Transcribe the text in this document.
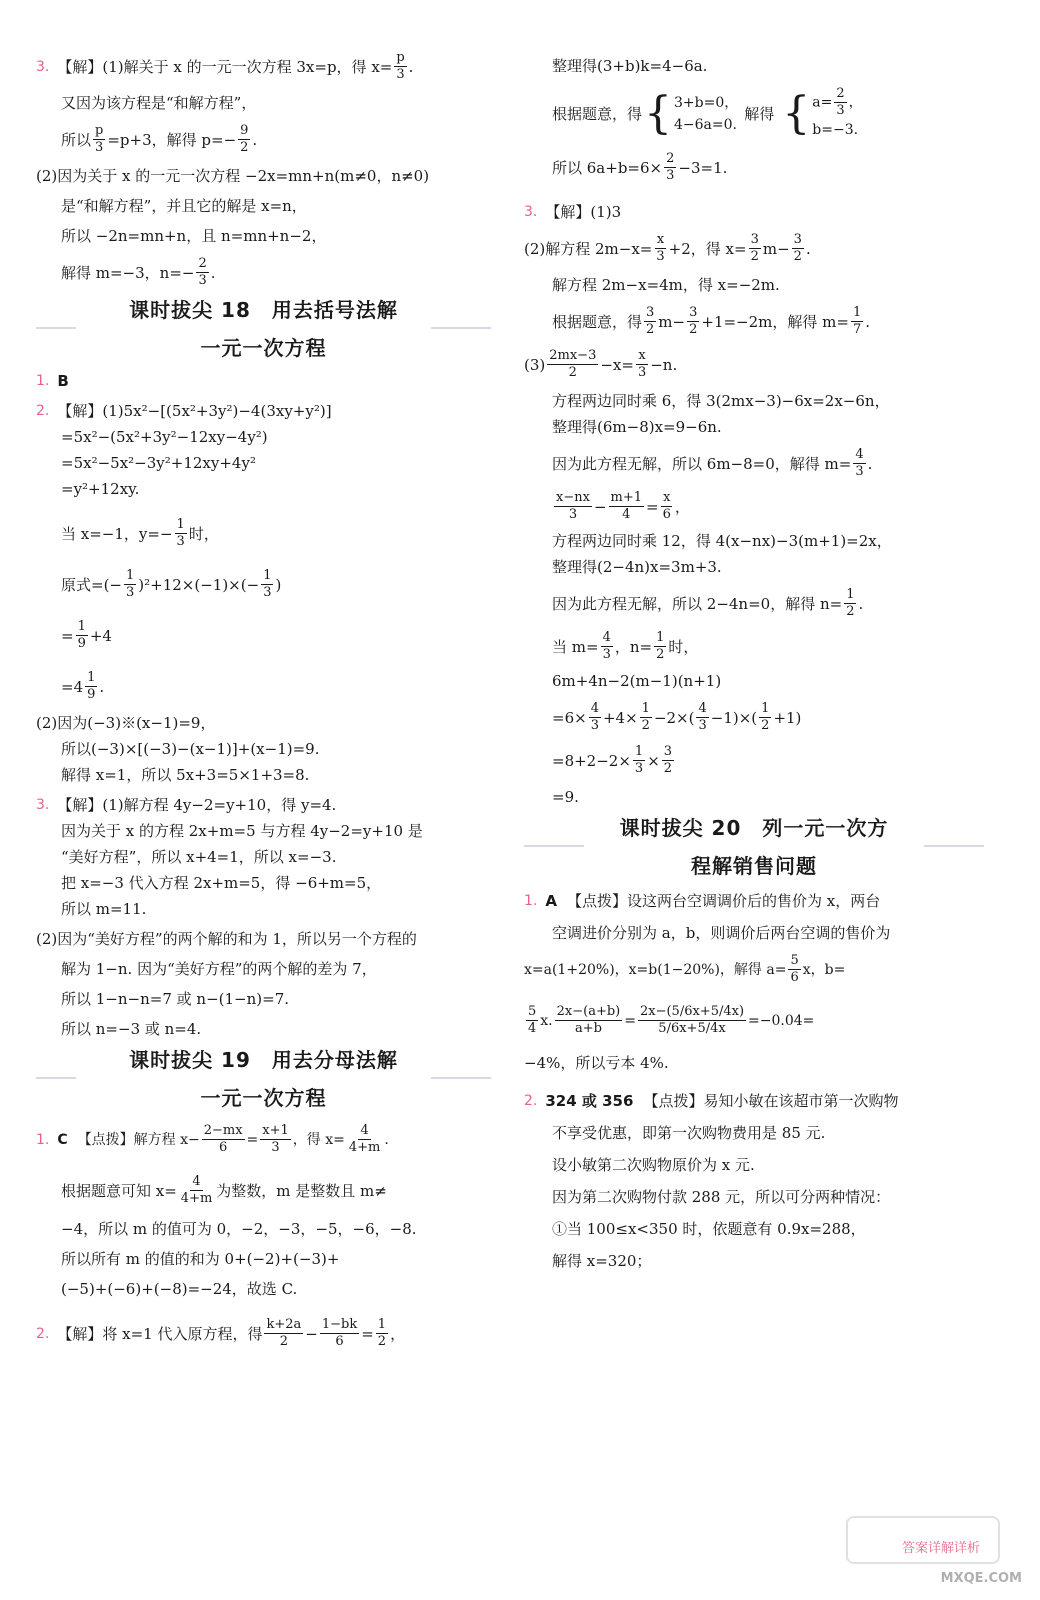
3. 【解】(1)解关于 x 的一元一次方程 3x=p，得 $x= \frac{p}{3}$ .
又因为该方程是“和解方程”，
所以 $\frac{p}{3} =p+3$，解得 $p=- \frac{9}{2}$ .
(2)因为关于 x 的一元一次方程 −2x=mn+n(m≠0，n≠0)
是“和解方程”，并且它的解是 x=n，
所以 −2n=mn+n，且 n=mn+n−2，
解得 m=−3，$n=- \frac{2}{3}$ .
课时拔尖 18　用去括号法解
一元一次方程
1. B
2. 【解】(1)5x²−[(5x²+3y²)−4(3xy+y²)]
=5x²−(5x²+3y²−12xy−4y²)
=5x²−5x²−3y²+12xy+4y²
=y²+12xy.
当 x=−1，$y=- \frac{1}{3}$ 时，
原式=(− $\frac{1}{3} )^2+12\times(-1)\times(- \frac{1}{3}$ )
= $\frac{1}{9} +4$
$=4 \frac{1}{9}$ .
(2)因为(−3)※(x−1)=9，
所以(−3)×[(−3)−(x−1)]+(x−1)=9.
解得 x=1，所以 5x+3=5×1+3=8.
3. 【解】(1)解方程 4y−2=y+10，得 y=4.
因为关于 x 的方程 2x+m=5 与方程 4y−2=y+10 是
“美好方程”，所以 x+4=1，所以 x=−3.
把 x=−3 代入方程 2x+m=5，得 −6+m=5，
所以 m=11.
(2)因为“美好方程”的两个解的和为 1，所以另一个方程的
解为 1−n. 因为“美好方程”的两个解的差为 7，
所以 1−n−n=7 或 n−(1−n)=7.
所以 n=−3 或 n=4.
课时拔尖 19　用去分母法解
一元一次方程
1. C 【点拨】解方程 $x- \frac{2-mx}{6} = \frac{x+1}{3}$ ，得 $x= \frac{4}{4+m}$ .
根据题意可知 $x= \frac{4}{4+m}$ 为整数，m 是整数且 m≠
−4，所以 m 的值可为 0，−2，−3，−5，−6，−8.
所以所有 m 的值的和为 0+(−2)+(−3)+
(−5)+(−6)+(−8)=−24，故选 C.
2. 【解】将 x=1 代入原方程，得 $\frac{k+2a}{2} - \frac{1-bk}{6} = \frac{1}{2}$ ，
整理得(3+b)k=4−6a.
根据题意，得 { 3+b=0，
4−6a=0.
解得 { $a= \frac{2}{3}$ ，
b=−3.
所以 $6a+b=6\times \frac{2}{3} -3=1$.
3. 【解】(1)3
(2)解方程 $2m-x= \frac{x}{3} +2$，得 $x= \frac{3}{2} m- \frac{3}{2}$ .
解方程 2m−x=4m，得 x=−2m.
根据题意，得 $\frac{3}{2} m- \frac{3}{2} +1=-2m$，解得 $m= \frac{1}{7}$ .
$(3) \frac{2mx-3}{2} -x= \frac{x}{3} -n$.
方程两边同时乘 6，得 3(2mx−3)−6x=2x−6n，
整理得(6m−8)x=9−6n.
因为此方程无解，所以 6m−8=0，解得 $m= \frac{4}{3}$ .
$\frac{x-nx}{3} - \frac{m+1}{4} = \frac{x}{6}$ ，
方程两边同时乘 12，得 4(x−nx)−3(m+1)=2x，
整理得(2−4n)x=3m+3.
因为此方程无解，所以 2−4n=0，解得 $n= \frac{1}{2}$ .
当 $m= \frac{4}{3}$ ，$n= \frac{1}{2}$ 时，
6m+4n−2(m−1)(n+1)
$=6\times \frac{4}{3} +4\times \frac{1}{2} -2\times( \frac{4}{3} -1)\times( \frac{1}{2} +1)$
$=8+2-2\times \frac{1}{3} \times \frac{3}{2}$
=9.
课时拔尖 20　列一元一次方
程解销售问题
1. A 【点拨】设这两台空调调价后的售价为 x，两台
空调进价分别为 a，b，则调价后两台空调的售价为
x=a(1+20%)，x=b(1−20%)，解得 $a= \frac{5}{6}$ x，b=
$\frac{5}{4} x$. $\frac{2x-(a+b)}{a+b} = \frac{2x-(5/6x+5/4x)}{5/6x+5/4x} =-0.04=$
−4%，所以亏本 4%.
2. 324 或 356 【点拨】易知小敏在该超市第一次购物
不享受优惠，即第一次购物费用是 85 元.
设小敏第二次购物原价为 x 元.
因为第二次购物付款 288 元，所以可分两种情况：
①当 100≤x<350 时，依题意有 0.9x=288，
解得 x=320；
答案详解详析
MXQE.COM
